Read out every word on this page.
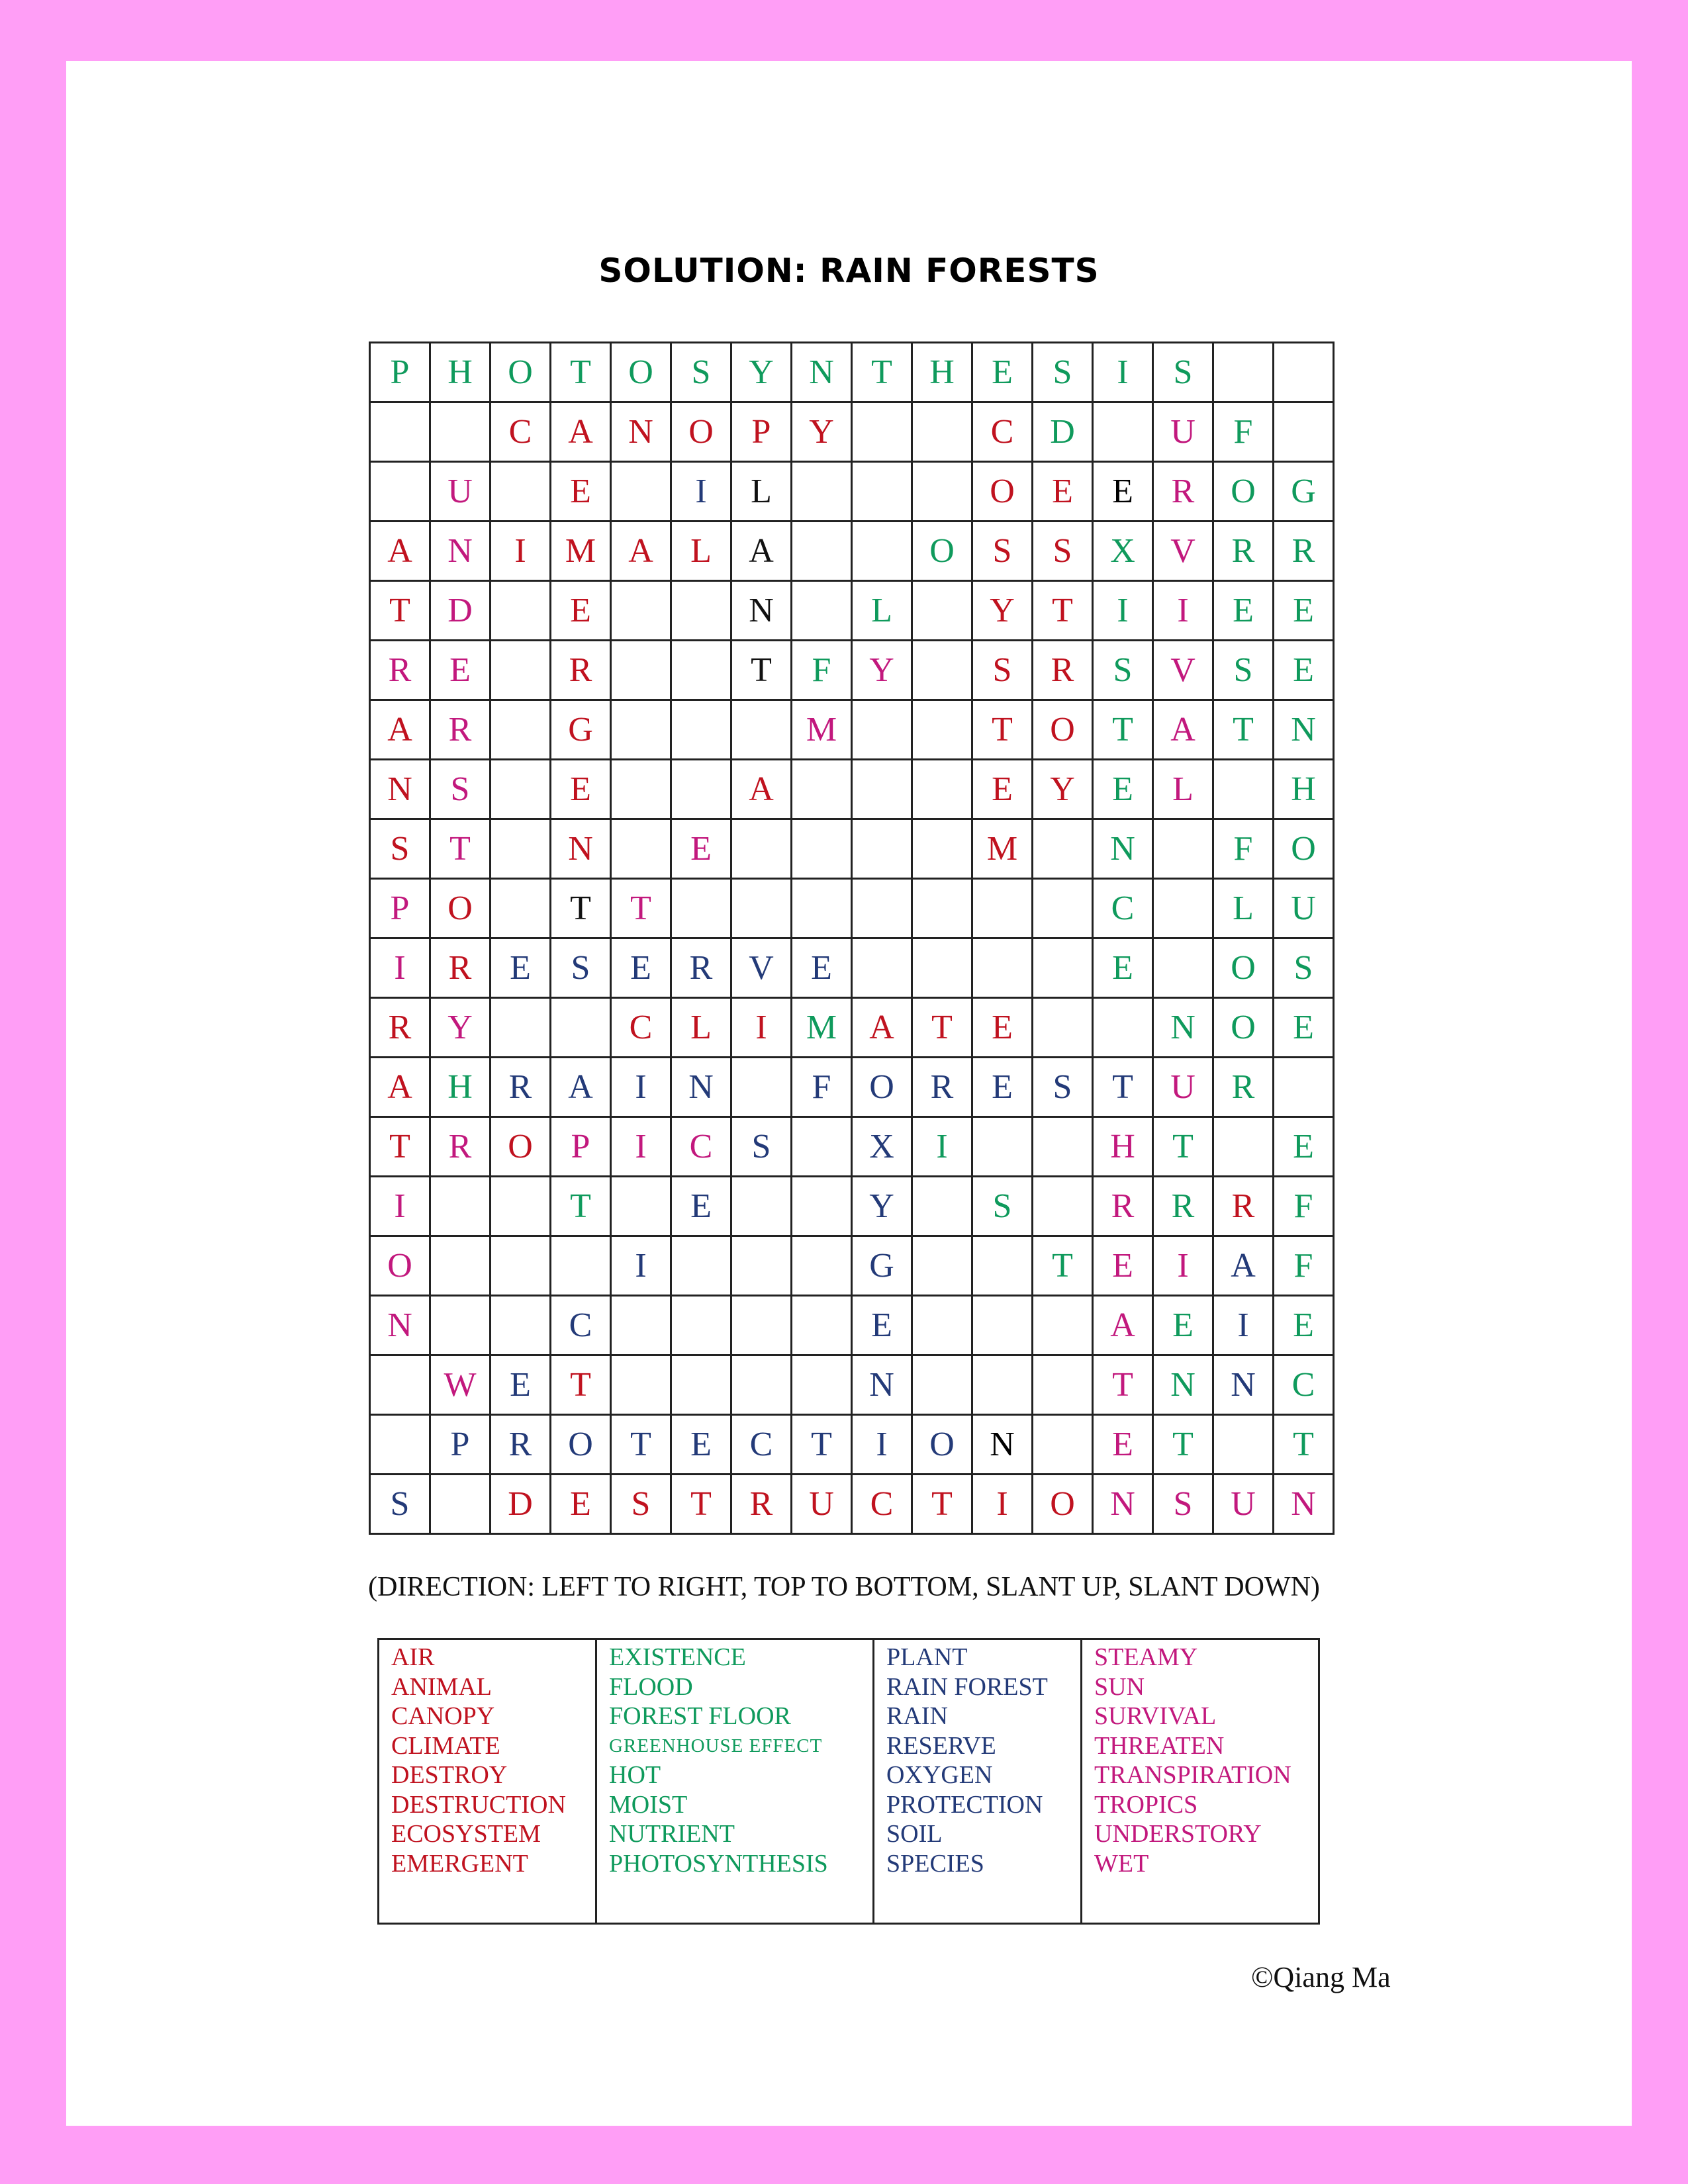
SOLUTION: RAIN FORESTS
P	H	O	T	O	S	Y	N	T	H	E	S	I	S		
		C	A	N	O	P	Y			C	D		U	F	
	U		E		I	L				O	E	E	R	O	G
A	N	I	M	A	L	A			O	S	S	X	V	R	R
T	D		E			N		L		Y	T	I	I	E	E
R	E		R			T	F	Y		S	R	S	V	S	E
A	R		G				M			T	O	T	A	T	N
N	S		E			A				E	Y	E	L		H
S	T		N		E					M		N		F	O
P	O		T	T								C		L	U
I	R	E	S	E	R	V	E					E		O	S
R	Y			C	L	I	M	A	T	E			N	O	E
A	H	R	A	I	N		F	O	R	E	S	T	U	R	
T	R	O	P	I	C	S		X	I			H	T		E
I			T		E			Y		S		R	R	R	F
O				I				G			T	E	I	A	F
N			C					E				A	E	I	E
	W	E	T					N				T	N	N	C
	P	R	O	T	E	C	T	I	O	N		E	T		T
S		D	E	S	T	R	U	C	T	I	O	N	S	U	N
(DIRECTION: LEFT TO RIGHT, TOP TO BOTTOM, SLANT UP, SLANT DOWN)
AIR
ANIMAL
CANOPY
CLIMATE
DESTROY
DESTRUCTION
ECOSYSTEM
EMERGENT

EXISTENCE
FLOOD
FOREST FLOOR
GREENHOUSE EFFECT
HOT
MOIST
NUTRIENT
PHOTOSYNTHESIS

PLANT
RAIN FOREST
RAIN
RESERVE
OXYGEN
PROTECTION
SOIL
SPECIES

STEAMY
SUN
SURVIVAL
THREATEN
TRANSPIRATION
TROPICS
UNDERSTORY
WET
©Qiang Ma
